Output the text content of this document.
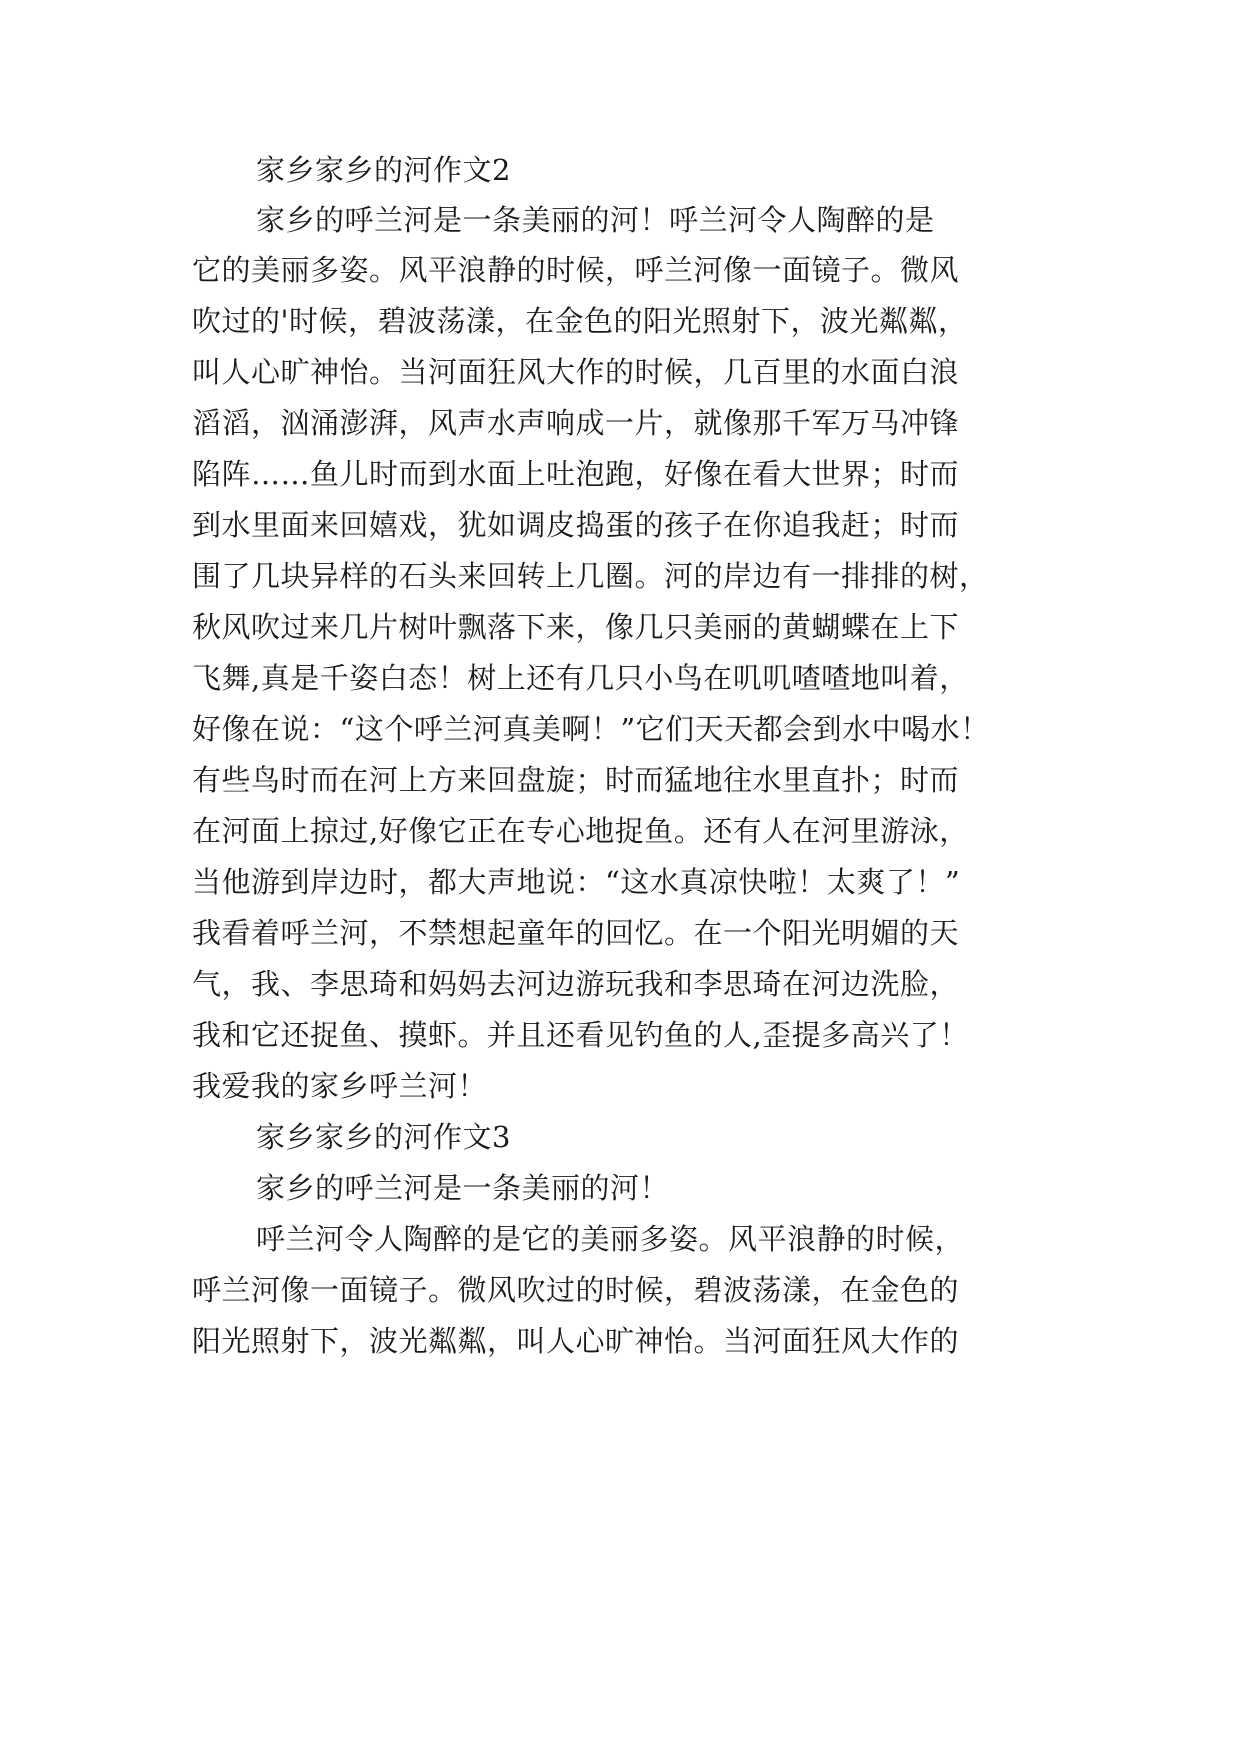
家乡家乡的河作文2
家乡的呼兰河是一条美丽的河！呼兰河令人陶醉的是
它的美丽多姿。风平浪静的时候，呼兰河像一面镜子。微风
吹过的'时候，碧波荡漾，在金色的阳光照射下，波光粼粼，
叫人心旷神怡。当河面狂风大作的时候，几百里的水面白浪
滔滔，汹涌澎湃，风声水声响成一片，就像那千军万马冲锋
陷阵……鱼儿时而到水面上吐泡跑，好像在看大世界；时而
到水里面来回嬉戏，犹如调皮捣蛋的孩子在你追我赶；时而
围了几块异样的石头来回转上几圈。河的岸边有一排排的树，
秋风吹过来几片树叶飘落下来，像几只美丽的黄蝴蝶在上下
飞舞,真是千姿白态！树上还有几只小鸟在叽叽喳喳地叫着，
好像在说：“这个呼兰河真美啊！”它们天天都会到水中喝水！
有些鸟时而在河上方来回盘旋；时而猛地往水里直扑；时而
在河面上掠过,好像它正在专心地捉鱼。还有人在河里游泳，
当他游到岸边时，都大声地说：“这水真凉快啦！太爽了！”
我看着呼兰河，不禁想起童年的回忆。在一个阳光明媚的天
气，我、李思琦和妈妈去河边游玩我和李思琦在河边洗脸，
我和它还捉鱼、摸虾。并且还看见钓鱼的人,歪提多高兴了！
我爱我的家乡呼兰河！
家乡家乡的河作文3
家乡的呼兰河是一条美丽的河！
呼兰河令人陶醉的是它的美丽多姿。风平浪静的时候，
呼兰河像一面镜子。微风吹过的时候，碧波荡漾，在金色的
阳光照射下，波光粼粼，叫人心旷神怡。当河面狂风大作的
